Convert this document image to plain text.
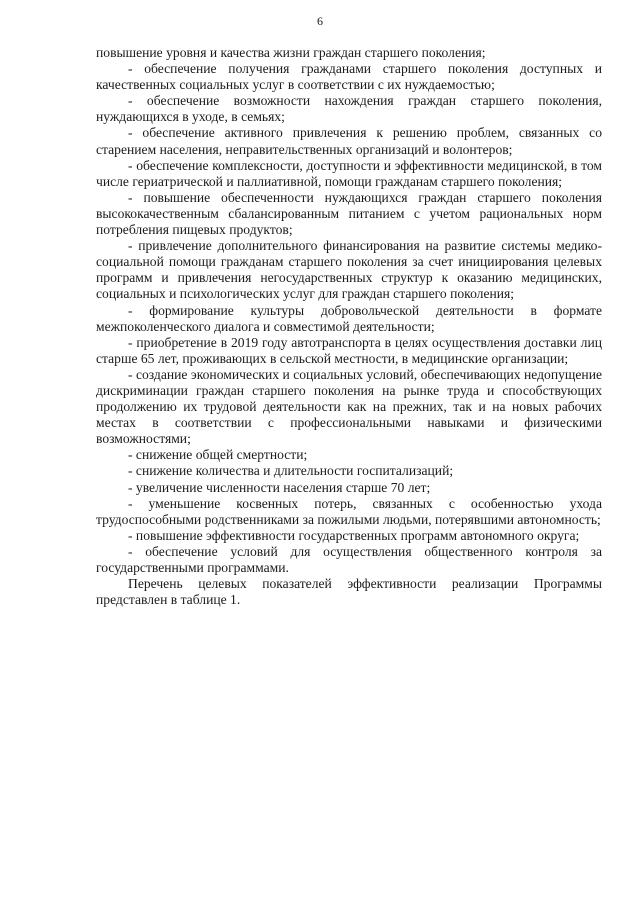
6

повышение уровня и качества жизни граждан старшего поколения;

- обеспечение получения гражданами старшего поколения доступных и качественных социальных услуг в соответствии с их нуждаемостью;

- обеспечение возможности нахождения граждан старшего поколения, нуждающихся в уходе, в семьях;

- обеспечение активного привлечения к решению проблем, связанных со старением населения, неправительственных организаций и волонтеров;

- обеспечение комплексности, доступности и эффективности медицинской, в том числе гериатрической и паллиативной, помощи гражданам старшего поколения;

- повышение обеспеченности нуждающихся граждан старшего поколения высококачественным сбалансированным питанием с учетом рациональных норм потребления пищевых продуктов;

- привлечение дополнительного финансирования на развитие системы медико-социальной помощи гражданам старшего поколения за счет инициирования целевых программ и привлечения негосударственных структур к оказанию медицинских, социальных и психологических услуг для граждан старшего поколения;

- формирование культуры добровольческой деятельности в формате межпоколенческого диалога и совместимой деятельности;

- приобретение в 2019 году автотранспорта в целях осуществления доставки лиц старше 65 лет, проживающих в сельской местности, в медицинские организации;

- создание экономических и социальных условий, обеспечивающих недопущение дискриминации граждан старшего поколения на рынке труда и способствующих продолжению их трудовой деятельности как на прежних, так и на новых рабочих местах в соответствии с профессиональными навыками и физическими возможностями;

- снижение общей смертности;

- снижение количества и длительности госпитализаций;

- увеличение численности населения старше 70 лет;

- уменьшение косвенных потерь, связанных с особенностью ухода трудоспособными родственниками за пожилыми людьми, потерявшими автономность;

- повышение эффективности государственных программ автономного округа;

- обеспечение условий для осуществления общественного контроля за государственными программами.

Перечень целевых показателей эффективности реализации Программы представлен в таблице 1.
